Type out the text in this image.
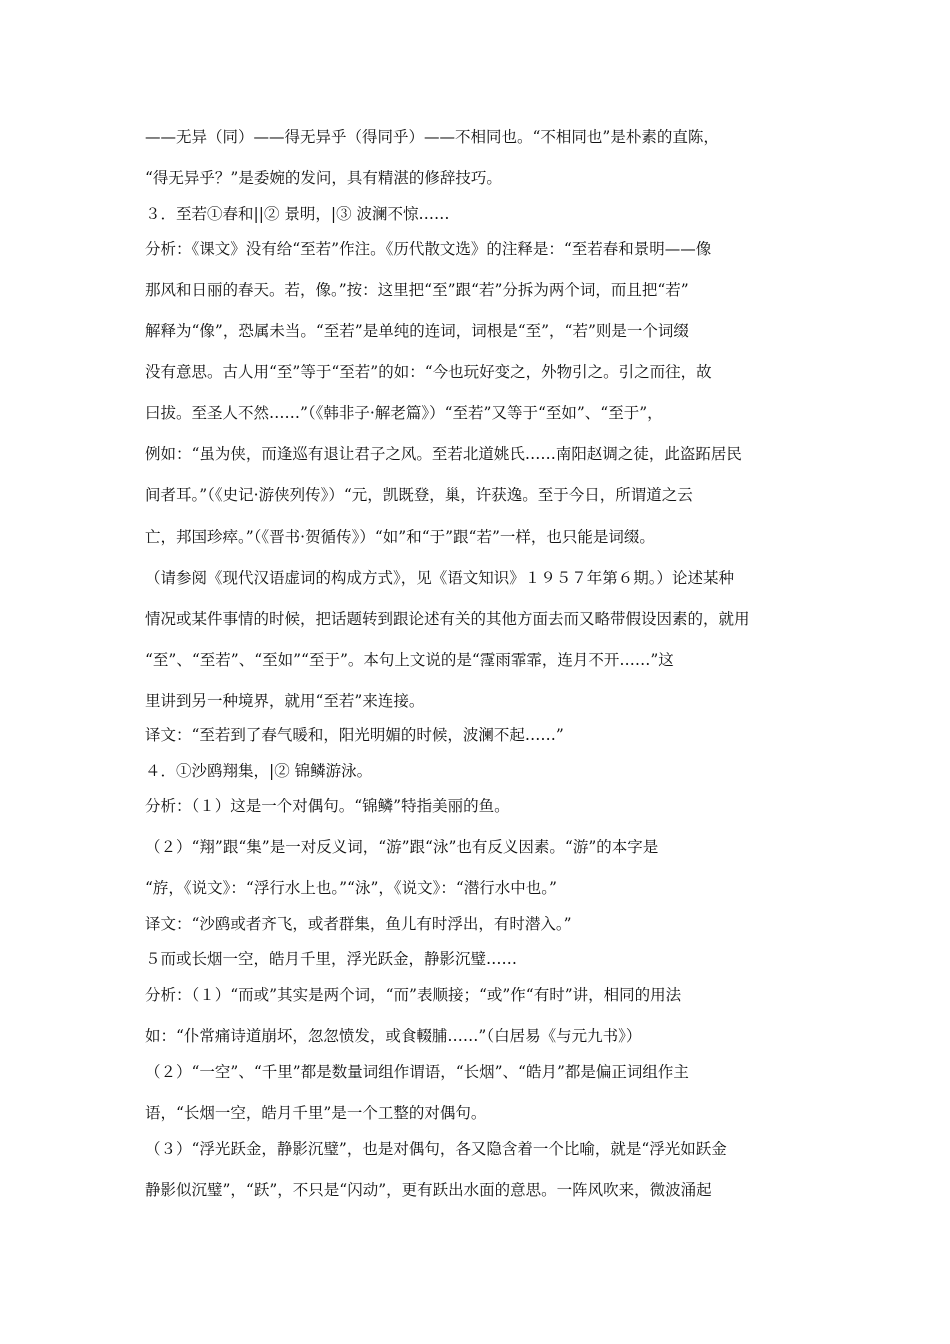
——无异（同）——得无异乎（得同乎）——不相同也。“不相同也”是朴素的直陈，
“得无异乎？”是委婉的发问，具有精湛的修辞技巧。
３．至若①春和||② 景明，|③ 波澜不惊……
分析：《课文》没有给“至若”作注。《历代散文选》的注释是：“至若春和景明——像
那风和日丽的春天。若，像。”按：这里把“至”跟“若”分拆为两个词，而且把“若”
解释为“像”，恐属未当。“至若”是单纯的连词，词根是“至”，“若”则是一个词缀
没有意思。古人用“至”等于“至若”的如：“今也玩好变之，外物引之。引之而往，故
曰拔。至圣人不然……”（《韩非子·解老篇》）“至若”又等于“至如”、“至于”，
例如：“虽为侠，而逢巡有退让君子之风。至若北道姚氏……南阳赵调之徒，此盗跖居民
间者耳。”（《史记·游侠列传》）“元，凯既登，巢，许获逸。至于今日，所谓道之云
亡，邦国珍瘁。”（《晋书·贺循传》）“如”和“于”跟“若”一样，也只能是词缀。
（请参阅《现代汉语虚词的构成方式》，见《语文知识》１９５７年第６期。）论述某种
情况或某件事情的时候，把话题转到跟论述有关的其他方面去而又略带假设因素的，就用
“至”、“至若”、“至如”“至于”。本句上文说的是“霪雨霏霏，连月不开……”这
里讲到另一种境界，就用“至若”来连接。
译文：“至若到了春气暖和，阳光明媚的时候，波澜不起……”
４．①沙鸥翔集，|② 锦鳞游泳。
分析：（１）这是一个对偶句。“锦鳞”特指美丽的鱼。
（２）“翔”跟“集”是一对反义词，“游”跟“泳”也有反义因素。“游”的本字是
“斿，《说文》：“浮行水上也。”“泳”，《说文》：“潜行水中也。”
译文：“沙鸥或者齐飞，或者群集，鱼儿有时浮出，有时潜入。”
５而或长烟一空，皓月千里，浮光跃金，静影沉璧……
分析：（１）“而或”其实是两个词，“而”表顺接；“或”作“有时”讲，相同的用法
如：“仆常痛诗道崩坏，忽忽愤发，或食輟脯……”（白居易《与元九书》）
（２）“一空”、“千里”都是数量词组作谓语，“长烟”、“皓月”都是偏正词组作主
语，“长烟一空，皓月千里”是一个工整的对偶句。
（３）“浮光跃金，静影沉璧”，也是对偶句，各又隐含着一个比喻，就是“浮光如跃金
静影似沉璧”，“跃”，不只是“闪动”，更有跃出水面的意思。一阵风吹来，微波涌起
